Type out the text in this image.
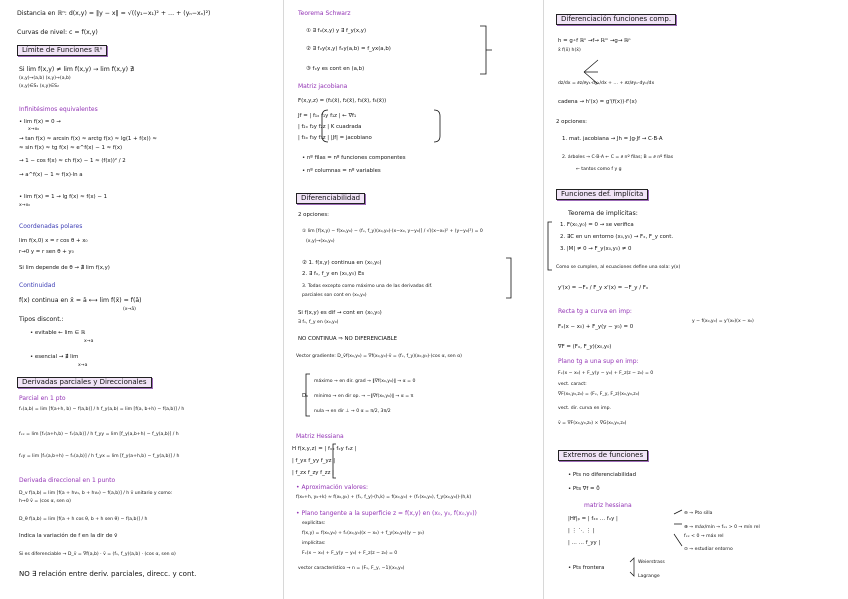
Distancia en ℝⁿ: d(x,y) = ‖y − x‖ = √((y₁−x₁)² + … + (yₙ−xₙ)²)
Curvas de nivel: c = f(x,y)
Límite de Funciones ℝⁿ
Si lim f(x,y) ≠ lim f(x,y) → lim f(x,y) ∄
(x,y)→(a,b) (x,y)→(a,b)
(x,y)∈S₁ (x,y)∈S₂
Infinitésimos equivalentes
• lim f(x) = 0 →
x→x₀
→ tan f(x) ≈ arcsin f(x) ≈ arctg f(x) ≈ lg(1 + f(x)) ≈
≈ sin f(x) ≈ tg f(x) ≈ e^f(x) − 1 ≈ f(x)
→ 1 − cos f(x) ≈ ch f(x) − 1 ≈ (f(x))² / 2
→ a^f(x) − 1 ≈ f(x)·ln a
• lim f(x) = 1 → lg f(x) ≈ f(x) − 1
x→x₀
Coordenadas polares
lim f(x,0) x = r cos θ + x₀
r→0 y = r sen θ + y₀
Si lim depende de θ → ∄ lim f(x,y)
Continuidad
f(x) continua en x̄ = ā ⟷ lim f(x̄) = f(ā)
(x→ā)
Tipos discont.:
• evitable ← lim ∈ ℝ
x→a
• esencial → ∄ lim
x→a
Derivadas parciales y Direccionales
Parcial en 1 pto
fₓ(a,b) = lim [f(a+h, b) − f(a,b)] / h f_y(a,b) = lim [f(a, b+h) − f(a,b)] / h
fₓₓ = lim [fₓ(a+h,b) − fₓ(a,b)] / h f_yy = lim [f_y(a,b+h) − f_y(a,b)] / h
fₓy = lim [fₓ(a,b+h) − fₓ(a,b)] / h f_yx = lim [f_y(a+h,b) − f_y(a,b)] / h
Derivada direccional en 1 punto
D_v f(a,b) = lim [f(a + hv₁, b + hv₂) − f(a,b)] / h v̄ unitario y como:
h→0 v̄ = (cos α, sen α)
D_θ f(a,b) = lim [f(a + h cos θ, b + h sen θ) − f(a,b)] / h
Indica la variación de f en la dir de v̄
Si es diferenciable → D_v̄ = ∇f(a,b) · v̄ = (fₓ, f_y)(a,b) · (cos α, sen α)
NO ∃ relación entre deriv. parciales, direcc. y cont.
Teorema Schwarz
① ∃ fₓ(x,y) y ∃ f_y(x,y)
② ∃ fₓy(x,y) fₓy(a,b) = f_yx(a,b)
③ fₓy es cont en (a,b)
Matriz jacobiana
F(x,y,z) = (f₁(x̄), f₂(x̄), f₃(x̄), f₄(x̄))
Jf = | f₁ₓ f₁y f₁z | ← ∇f₁
| f₂ₓ f₂y f₂z | K cuadrada
| f₃ₓ f₃y f₃z | |Jf| = jacobiano
• nº filas = nº funciones componentes
• nº columnas = nº variables
Diferenciabilidad
2 opciones:
① lim [f(x,y) − f(x₀,y₀) − (fₓ, f_y)(x₀,y₀)·(x−x₀, y−y₀)] / √((x−x₀)² + (y−y₀)²) = 0
(x,y)→(x₀,y₀)
② 1. f(x,y) continua en (x₀,y₀)
2. ∃ fₓ, f_y en (x₀,y₀) Es
3. Todas excepto como máximo una de las derivadas dif.
parciales son cont en (x₀,y₀)
Si f(x,y) es dif → cont en (x₀,y₀)
∃ fₓ, f_y en (x₀,y₀)
NO CONTINUA ⇒ NO DIFERENCIABLE
Vector gradiente: D_v̄f(x₀,y₀) = ∇f(x₀,y₀)·v̄ = (fₓ, f_y)(x₀,y₀)·(cos α, sen α)
máximo → en dir. grad → ‖∇f(x₀,y₀)‖ → α = 0
mínimo → en dir op. → −‖∇f(x₀,y₀)‖ → α = π
nula → en dir ⊥ → 0 α = π/2, 3π/2
Dᵥ
Matriz Hessiana
H f(x,y,z) = | fₓₓ fₓy fₓz |
| f_yx f_yy f_yz |
| f_zx f_zy f_zz |
• Aproximación valores:
f(x₀+h, y₀+k) ≈ f(x₀,y₀) + (fₓ, f_y)·(h,k) = f(x₀,y₀) + (fₓ(x₀,y₀), f_y(x₀,y₀))·(h,k)
• Plano tangente a la superficie z = f(x,y) en (x₀, y₀, f(x₀,y₀))
explícitas:
f(x,y) = f(x₀,y₀) + fₓ(x₀,y₀)(x − x₀) + f_y(x₀,y₀)(y − y₀)
implícitas:
Fₓ(x − x₀) + F_y(y − y₀) + F_z(z − z₀) = 0
vector característico → n = (Fₓ, F_y, −1)(x₀,y₀)
Diferenciación funciones comp.
h = g∘f ℝⁿ →f→ ℝᵐ →g→ ℝᵖ
x̄ f(x̄) h(x̄)
dz/dx = ∂z/∂y₁·dy₁/dx + … + ∂z/∂yₙ·dyₙ/dx
cadena → h'(x) = g'(f(x))·f'(x)
2 opciones:
1. mat. jacobiana → Jh = Jg·Jf → C·B·A
2. árboles → C·B·A ← C = ∂ nº filas; B = ∂ nº filas
← tantos como f y g
Funciones def. implícita
Teorema de implícitas:
1. F(x₀,y₀) = 0 → se verifica
2. ∃C en un entorno (x₀,y₀) → Fₓ, F_y cont.
3. |M| ≠ 0 → F_y(x₀,y₀) ≠ 0
Como se cumplen, al ecuaciones define una sola: y(x)
y'(x) = −Fₓ / F_y x'(x) = −F_y / Fₓ
Recta tg a curva en imp:
Fₓ(x − x₀) + F_y(y − y₀) = 0
∇F = (Fₓ, F_y)(x₀,y₀)
y − f(x₀,y₀) = y'(x₀)(x − x₀)
Plano tg a una sup en imp:
Fₓ(x − x₀) + F_y(y − y₀) + F_z(z − z₀) = 0
vect. caract:
∇F(x₀,y₀,z₀) = (Fₓ, F_y, F_z)(x₀,y₀,z₀)
vect. dir. curva en imp.
v̄ = ∇F(x₀,y₀,z₀) × ∇G(x₀,y₀,z₀)
Extremos de funciones
• Pts no diferenciabilidad
• Pts ∇f = 0̄
matriz hessiana
|Hf|ₚ = | fₓₓ … fₓy |
| ⋮ ⋱ ⋮ |
| … … f_yy |
⊖ → Pto silla
⊕ → máx/mín → fₓₓ > 0 → mín rel
fₓₓ < 0 → máx rel
⊙ → estudiar entorno
• Pts frontera
Weierstrass
Lagrange
